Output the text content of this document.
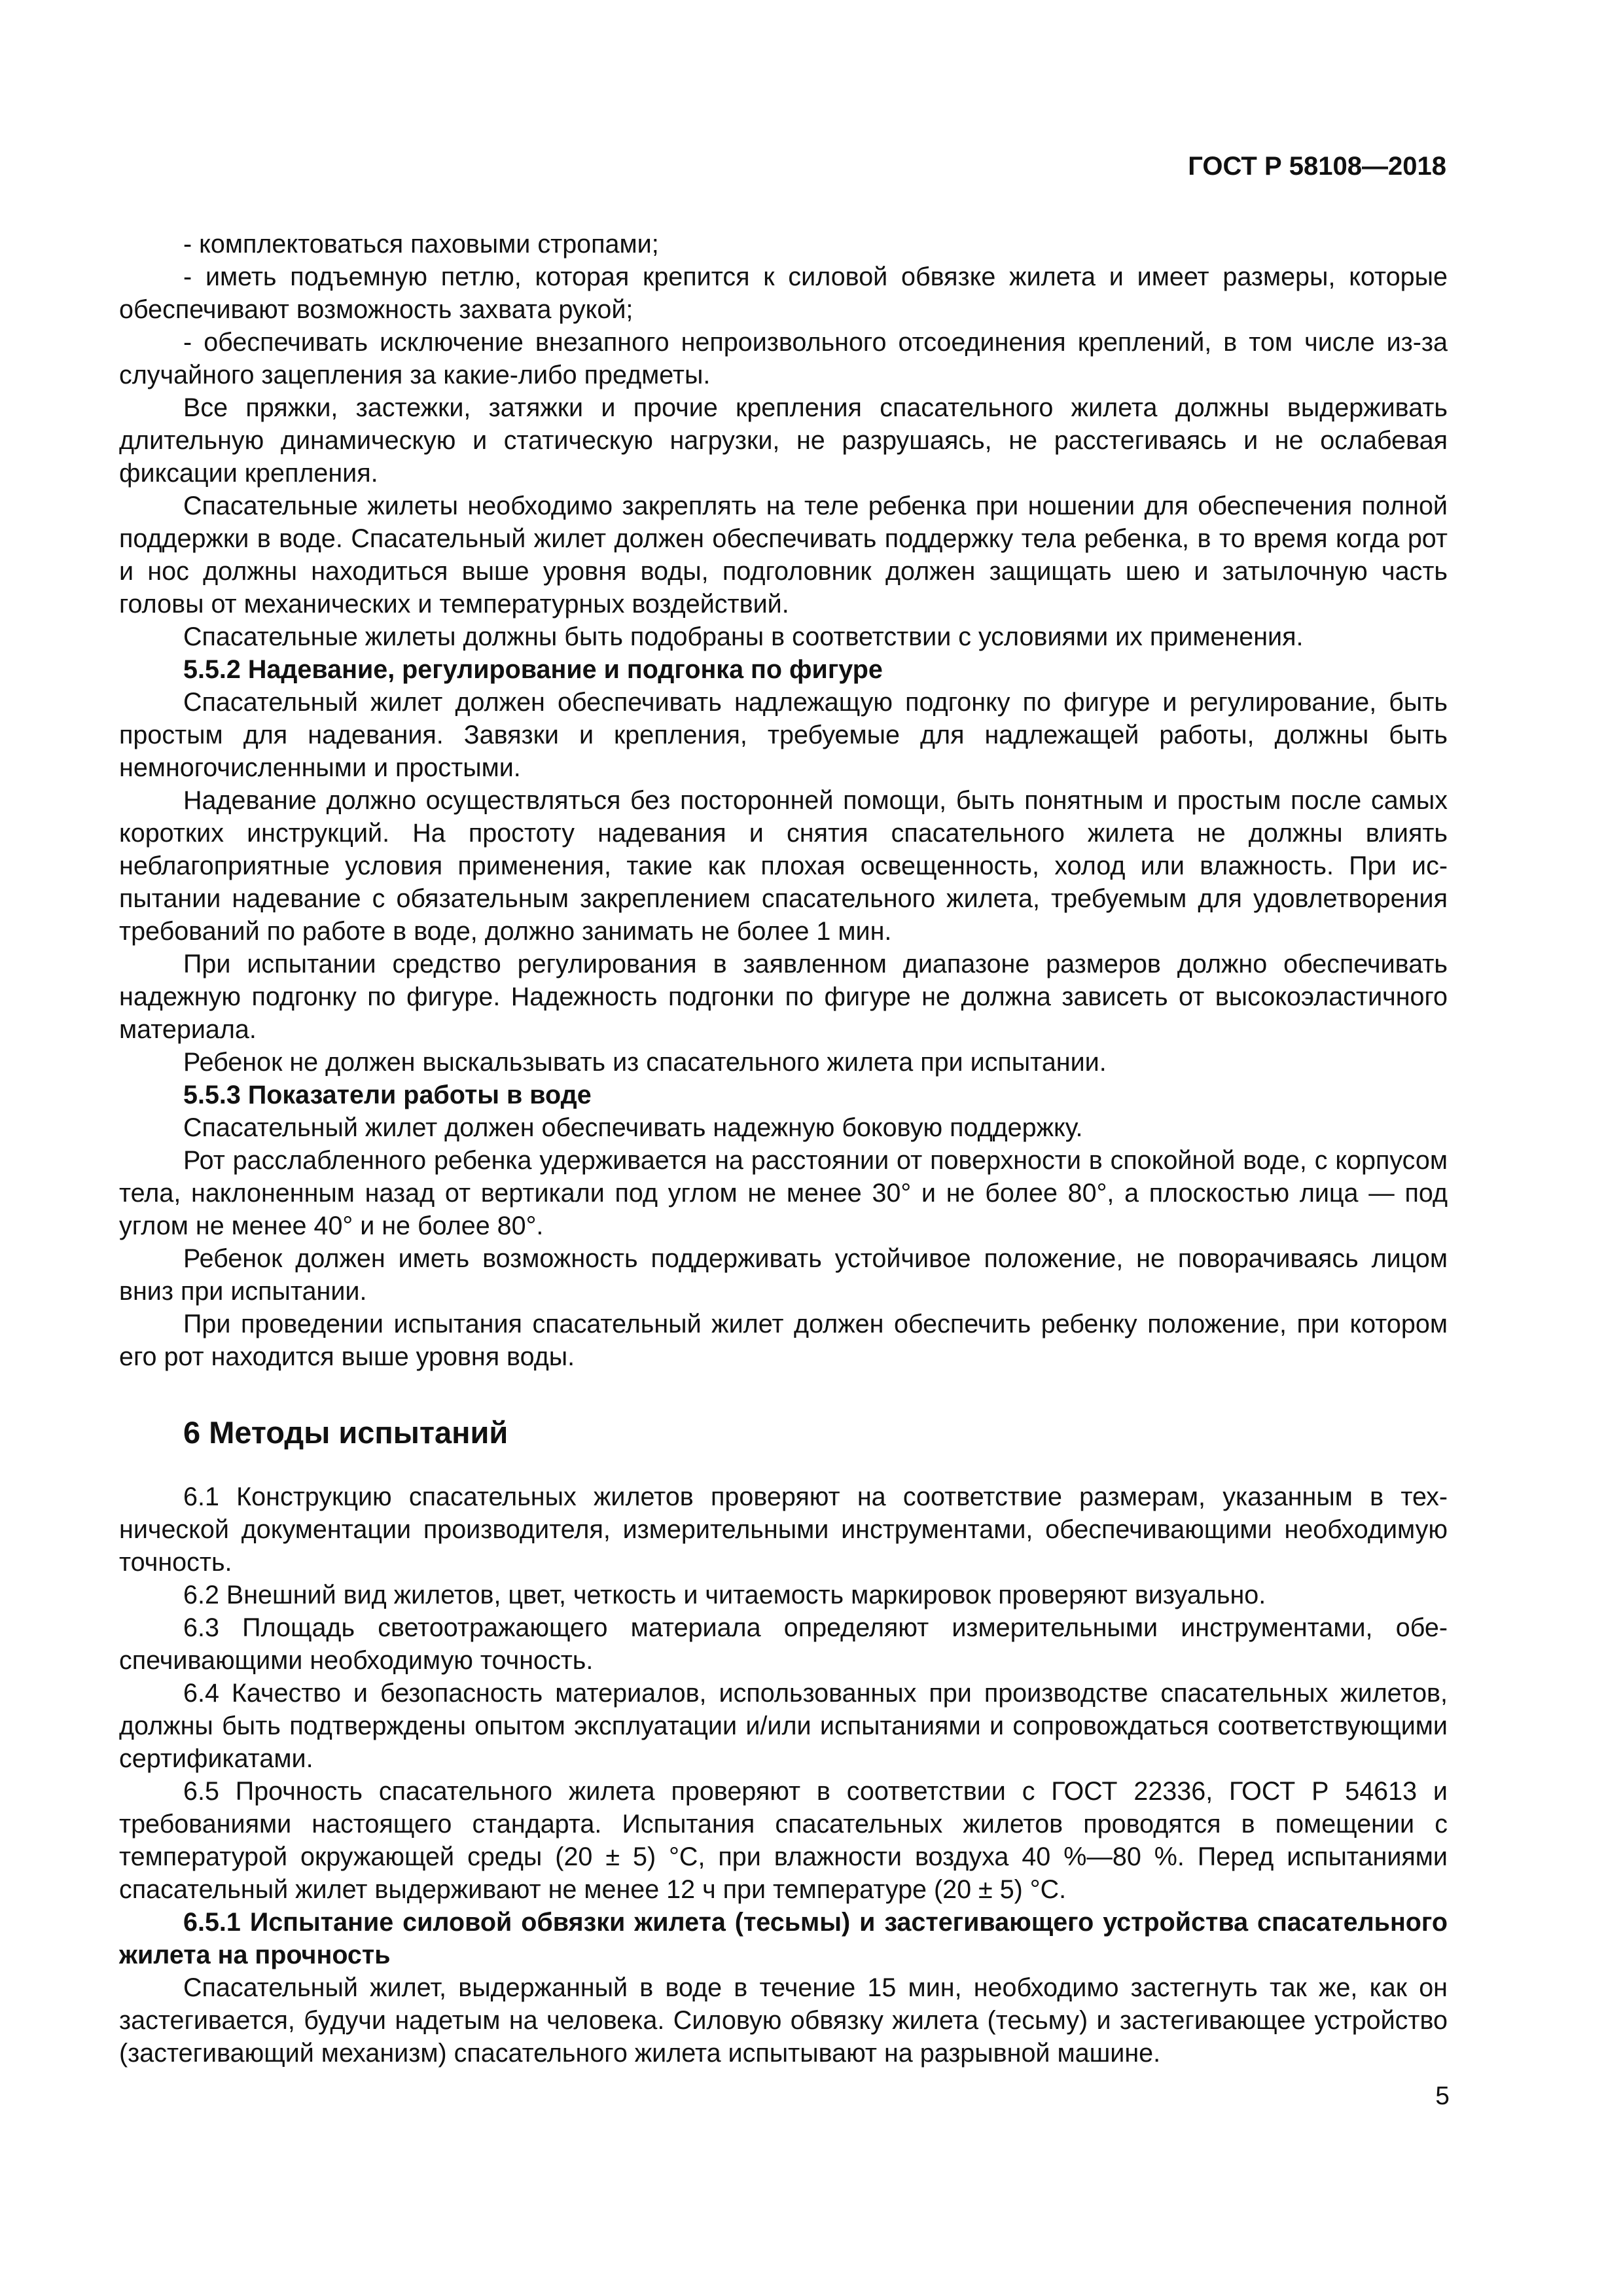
ГОСТ Р 58108—2018
- комплектоваться паховыми стропами;
- иметь подъемную петлю, которая крепится к силовой обвязке жилета и имеет размеры, которые обеспечивают возможность захвата рукой;
- обеспечивать исключение внезапного непроизвольного отсоединения креплений, в том числе из-за случайного зацепления за какие-либо предметы.
Все пряжки, застежки, затяжки и прочие крепления спасательного жилета должны выдерживать длительную динамическую и статическую нагрузки, не разрушаясь, не расстегиваясь и не ослабевая фиксации крепления.
Спасательные жилеты необходимо закреплять на теле ребенка при ношении для обеспечения полной поддержки в воде. Спасательный жилет должен обеспечивать поддержку тела ребенка, в то время когда рот и нос должны находиться выше уровня воды, подголовник должен защищать шею и затылочную часть головы от механических и температурных воздействий.
Спасательные жилеты должны быть подобраны в соответствии с условиями их применения.
5.5.2 Надевание, регулирование и подгонка по фигуре
Спасательный жилет должен обеспечивать надлежащую подгонку по фигуре и регулирование, быть простым для надевания. Завязки и крепления, требуемые для надлежащей работы, должны быть немногочисленными и простыми.
Надевание должно осуществляться без посторонней помощи, быть понятным и простым после самых коротких инструкций. На простоту надевания и снятия спасательного жилета не должны влиять неблагоприятные условия применения, такие как плохая освещенность, холод или влажность. При испытании надевание с обязательным закреплением спасательного жилета, требуемым для удовлетворения требований по работе в воде, должно занимать не более 1 мин.
При испытании средство регулирования в заявленном диапазоне размеров должно обеспечивать надежную подгонку по фигуре. Надежность подгонки по фигуре не должна зависеть от высокоэластичного материала.
Ребенок не должен выскальзывать из спасательного жилета при испытании.
5.5.3 Показатели работы в воде
Спасательный жилет должен обеспечивать надежную боковую поддержку.
Рот расслабленного ребенка удерживается на расстоянии от поверхности в спокойной воде, с корпусом тела, наклоненным назад от вертикали под углом не менее 30° и не более 80°, а плоскостью лица — под углом не менее 40° и не более 80°.
Ребенок должен иметь возможность поддерживать устойчивое положение, не поворачиваясь лицом вниз при испытании.
При проведении испытания спасательный жилет должен обеспечить ребенку положение, при котором его рот находится выше уровня воды.
6 Методы испытаний
6.1 Конструкцию спасательных жилетов проверяют на соответствие размерам, указанным в технической документации производителя, измерительными инструментами, обеспечивающими необходимую точность.
6.2 Внешний вид жилетов, цвет, четкость и читаемость маркировок проверяют визуально.
6.3 Площадь светоотражающего материала определяют измерительными инструментами, обеспечивающими необходимую точность.
6.4 Качество и безопасность материалов, использованных при производстве спасательных жилетов, должны быть подтверждены опытом эксплуатации и/или испытаниями и сопровождаться соответствующими сертификатами.
6.5 Прочность спасательного жилета проверяют в соответствии с ГОСТ 22336, ГОСТ Р 54613 и требованиями настоящего стандарта. Испытания спасательных жилетов проводятся в помещении с температурой окружающей среды (20 ± 5) °С, при влажности воздуха 40 %—80 %. Перед испытаниями спасательный жилет выдерживают не менее 12 ч при температуре (20 ± 5) °С.
6.5.1 Испытание силовой обвязки жилета (тесьмы) и застегивающего устройства спасательного жилета на прочность
Спасательный жилет, выдержанный в воде в течение 15 мин, необходимо застегнуть так же, как он застегивается, будучи надетым на человека. Силовую обвязку жилета (тесьму) и застегивающее устройство (застегивающий механизм) спасательного жилета испытывают на разрывной машине.
5
